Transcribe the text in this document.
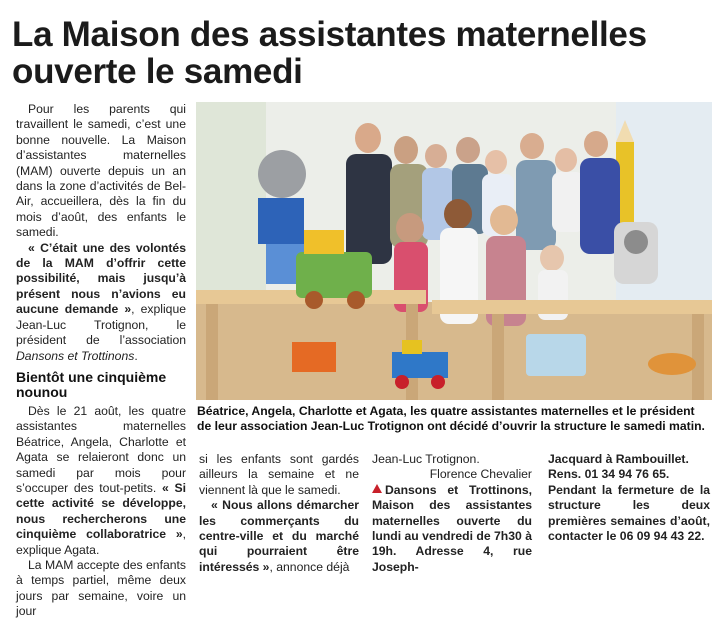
La Maison des assistantes maternelles
ouverte le samedi

Pour les parents qui travaillent le samedi, c’est une bonne nouvelle. La Maison d’assistantes maternelles (MAM) ouverte depuis un an dans la zone d’activités de Bel-Air, accueillera, dès la fin du mois d’août, des enfants le samedi.

« C’était une des volontés de la MAM d’offrir cette possibilité, mais jusqu’à présent nous n’avions eu aucune demande », explique Jean-Luc Trotignon, le président de l’association Dansons et Trottinons.

Bientôt une cinquième nounou

Dès le 21 août, les quatre assistantes maternelles Béatrice, Angela, Charlotte et Agata se relaieront donc un samedi par mois pour s’occuper des tout-petits. « Si cette activité se développe, nous rechercherons une cinquième collaboratrice », explique Agata.

La MAM accepte des enfants à temps partiel, même deux jours par semaine, voire un jour

Béatrice, Angela, Charlotte et Agata, les quatre assistantes maternelles et le président de leur association Jean-Luc Trotignon ont décidé d’ouvrir la structure le samedi matin.

si les enfants sont gardés ailleurs la semaine et ne viennent là que le samedi.

« Nous allons démarcher les commerçants du centre-ville et du marché qui pourraient être intéressés », annonce déjà

Jean-Luc Trotignon.

Florence Chevalier

Dansons et Trottinons, Maison des assistantes maternelles ouverte du lundi au vendredi de 7h30 à 19h. Adresse 4, rue Joseph-

Jacquard à Rambouillet.

Rens. 01 34 94 76 65.

Pendant la fermeture de la structure les deux premières semaines d’août, contacter le 06 09 94 43 22.
